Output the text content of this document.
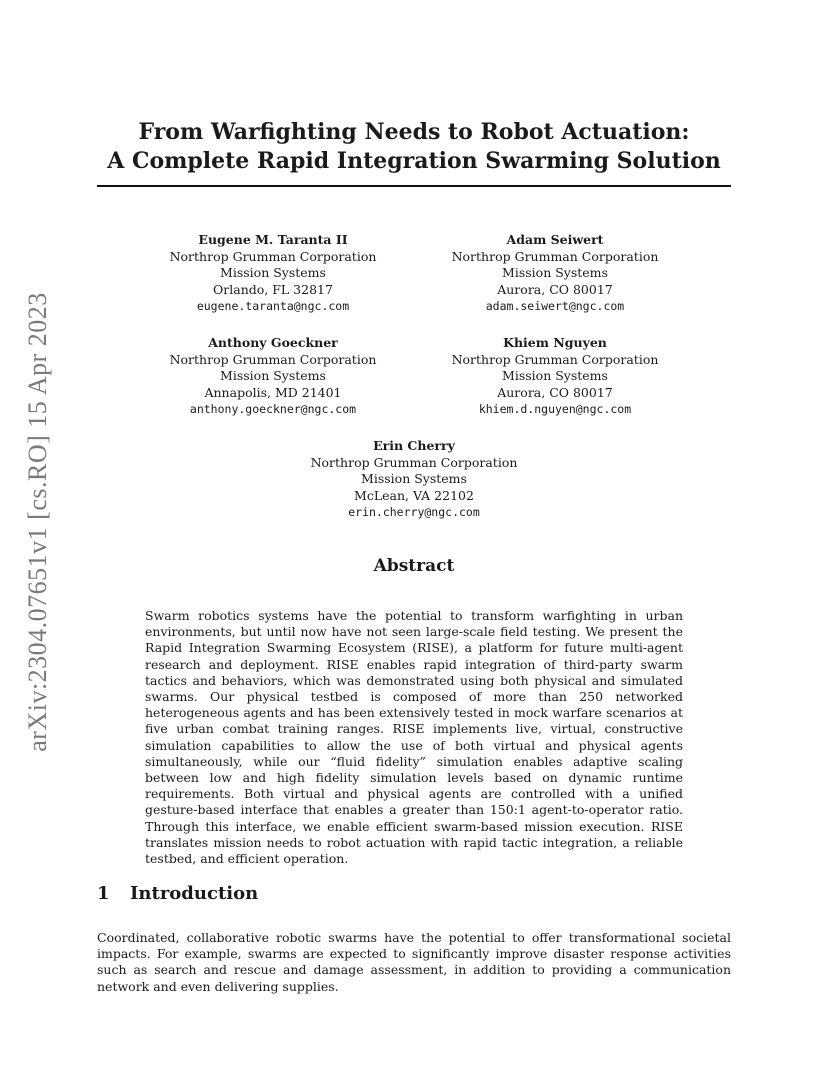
arXiv:2304.07651v1 [cs.RO] 15 Apr 2023
From Warfighting Needs to Robot Actuation:
A Complete Rapid Integration Swarming Solution
Eugene M. Taranta II
Northrop Grumman Corporation
Mission Systems
Orlando, FL 32817
eugene.taranta@ngc.com
Adam Seiwert
Northrop Grumman Corporation
Mission Systems
Aurora, CO 80017
adam.seiwert@ngc.com
Anthony Goeckner
Northrop Grumman Corporation
Mission Systems
Annapolis, MD 21401
anthony.goeckner@ngc.com
Khiem Nguyen
Northrop Grumman Corporation
Mission Systems
Aurora, CO 80017
khiem.d.nguyen@ngc.com
Erin Cherry
Northrop Grumman Corporation
Mission Systems
McLean, VA 22102
erin.cherry@ngc.com
Abstract
Swarm robotics systems have the potential to transform warfighting in urban environments, but until now have not seen large-scale field testing. We present the Rapid Integration Swarming Ecosystem (RISE), a platform for future multi-agent research and deployment. RISE enables rapid integration of third-party swarm tactics and behaviors, which was demonstrated using both physical and simulated swarms. Our physical testbed is composed of more than 250 networked heterogeneous agents and has been extensively tested in mock warfare scenarios at five urban combat training ranges. RISE implements live, virtual, constructive simulation capabilities to allow the use of both virtual and physical agents simultaneously, while our “fluid fidelity” simulation enables adaptive scaling between low and high fidelity simulation levels based on dynamic runtime requirements. Both virtual and physical agents are controlled with a unified gesture-based interface that enables a greater than 150:1 agent-to-operator ratio. Through this interface, we enable efficient swarm-based mission execution. RISE translates mission needs to robot actuation with rapid tactic integration, a reliable testbed, and efficient operation.
1 Introduction
Coordinated, collaborative robotic swarms have the potential to offer transformational societal impacts. For example, swarms are expected to significantly improve disaster response activities such as search and rescue and damage assessment, in addition to providing a communication network and even delivering supplies.
